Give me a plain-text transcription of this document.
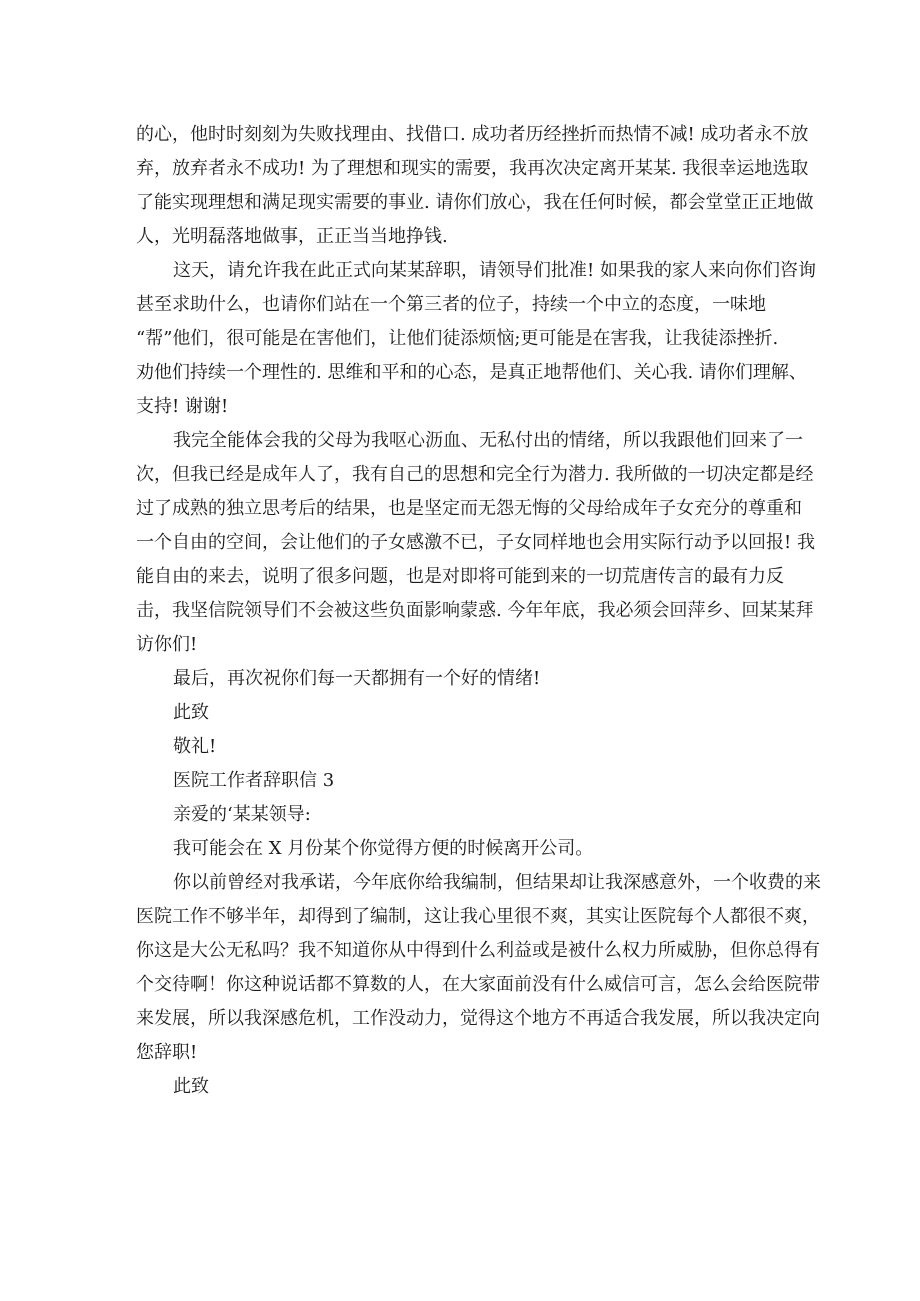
的心，他时时刻刻为失败找理由、找借口. 成功者历经挫折而热情不减! 成功者永不放
弃，放弃者永不成功! 为了理想和现实的需要，我再次决定离开某某. 我很幸运地选取
了能实现理想和满足现实需要的事业. 请你们放心，我在任何时候，都会堂堂正正地做
人，光明磊落地做事，正正当当地挣钱.
这天，请允许我在此正式向某某辞职，请领导们批准! 如果我的家人来向你们咨询
甚至求助什么，也请你们站在一个第三者的位子，持续一个中立的态度，一味地
“帮”他们，很可能是在害他们，让他们徒添烦恼;更可能是在害我，让我徒添挫折.
劝他们持续一个理性的. 思维和平和的心态，是真正地帮他们、关心我. 请你们理解、
支持! 谢谢!
我完全能体会我的父母为我呕心沥血、无私付出的情绪，所以我跟他们回来了一
次，但我已经是成年人了，我有自己的思想和完全行为潜力. 我所做的一切决定都是经
过了成熟的独立思考后的结果，也是坚定而无怨无悔的父母给成年子女充分的尊重和
一个自由的空间，会让他们的子女感激不已，子女同样地也会用实际行动予以回报! 我
能自由的来去，说明了很多问题，也是对即将可能到来的一切荒唐传言的最有力反
击，我坚信院领导们不会被这些负面影响蒙惑. 今年年底，我必须会回萍乡、回某某拜
访你们!
最后，再次祝你们每一天都拥有一个好的情绪!
此致
敬礼!
医院工作者辞职信 3
亲爱的‘某某领导:
我可能会在 X 月份某个你觉得方便的时候离开公司。
你以前曾经对我承诺，今年底你给我编制，但结果却让我深感意外，一个收费的来
医院工作不够半年，却得到了编制，这让我心里很不爽，其实让医院每个人都很不爽，
你这是大公无私吗？我不知道你从中得到什么利益或是被什么权力所威胁，但你总得有
个交待啊！你这种说话都不算数的人，在大家面前没有什么威信可言，怎么会给医院带
来发展，所以我深感危机，工作没动力，觉得这个地方不再适合我发展，所以我决定向
您辞职!
此致
